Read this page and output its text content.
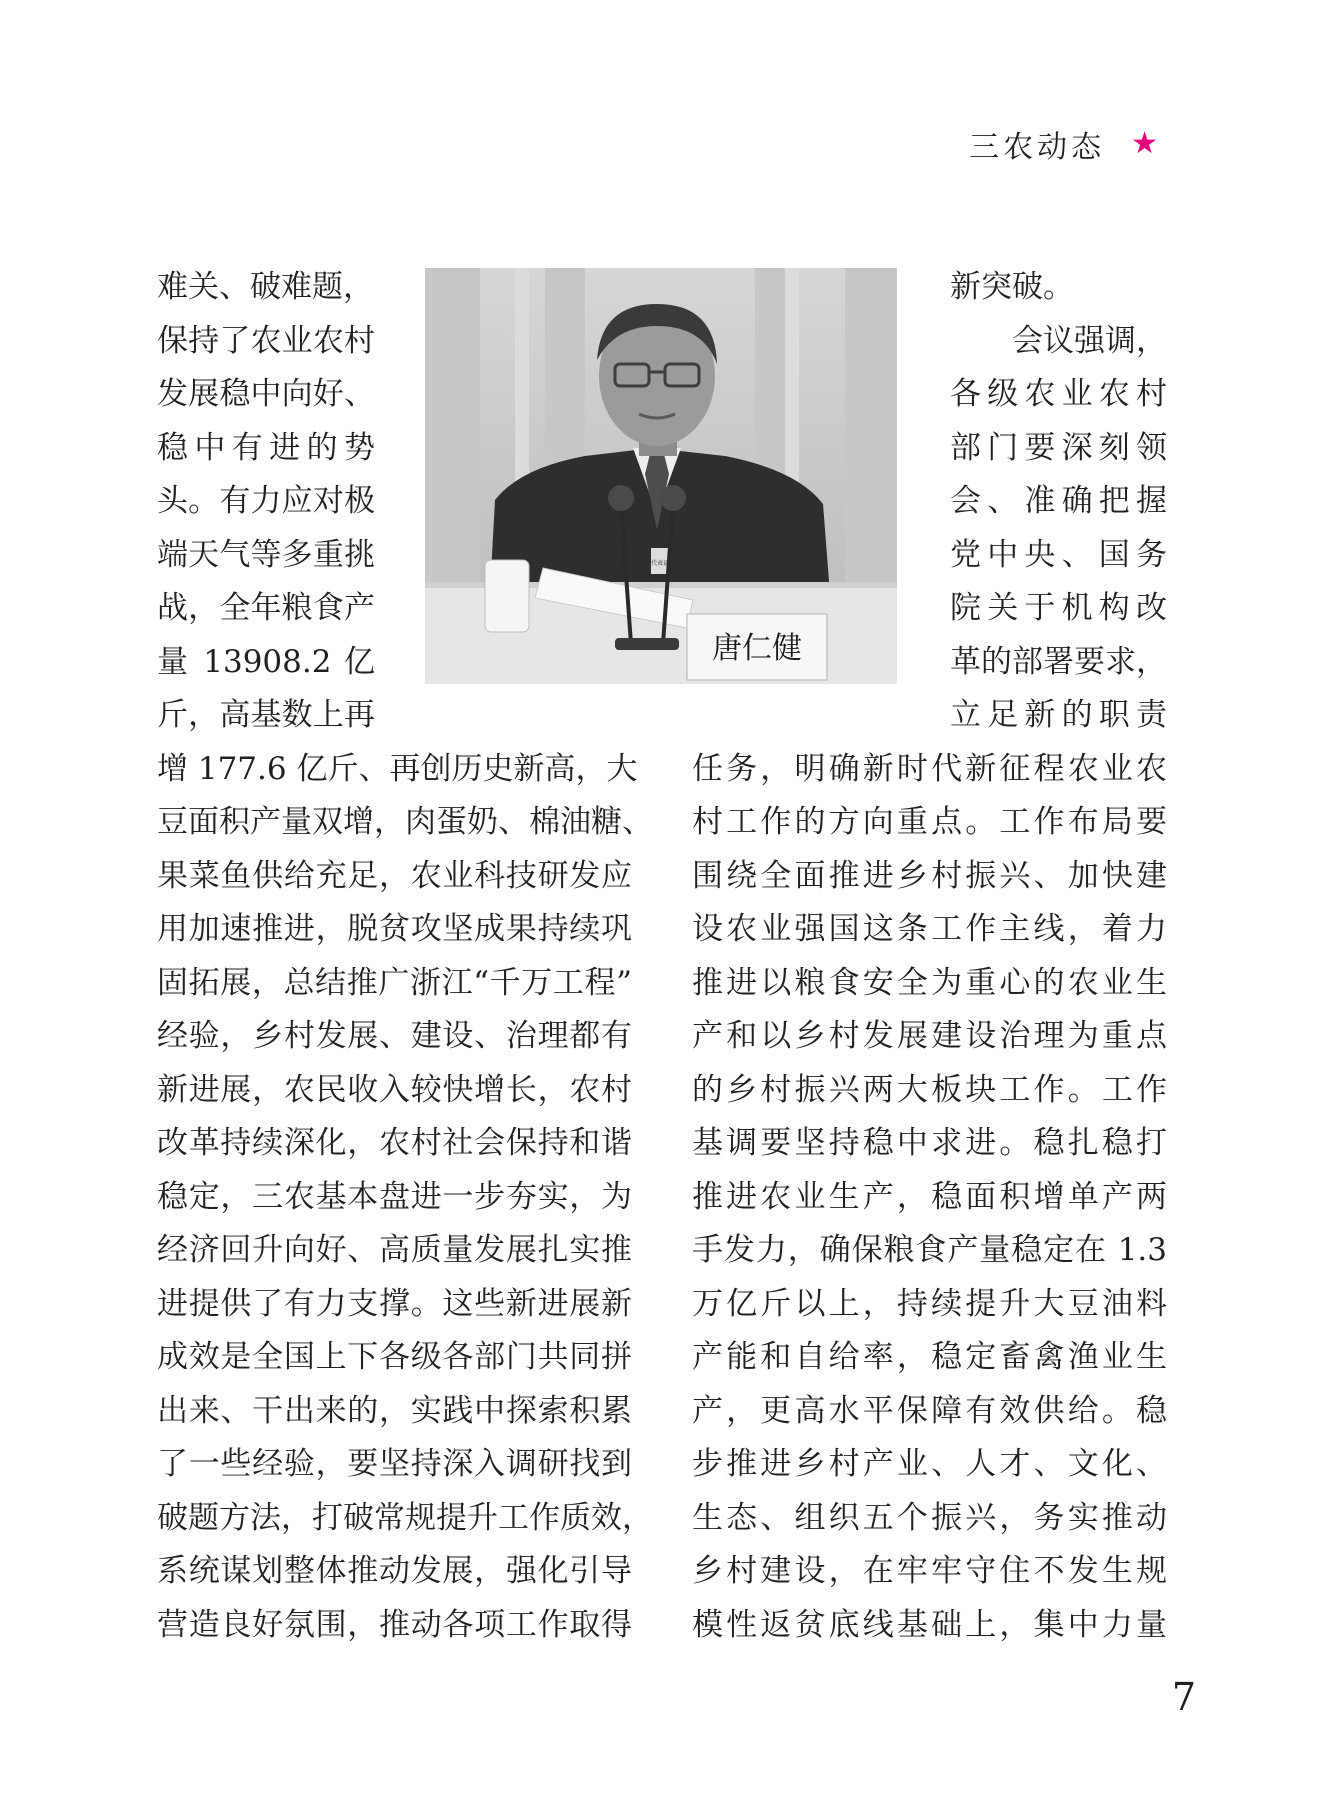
三农动态 ★
难关、破难题，
保持了农业农村
发展稳中向好、
稳中有进的势
头。有力应对极
端天气等多重挑
战，全年粮食产
量 13908.2 亿
斤，高基数上再
增 177.6 亿斤、再创历史新高，大
豆面积产量双增，肉蛋奶、棉油糖、
果菜鱼供给充足，农业科技研发应
用加速推进，脱贫攻坚成果持续巩
固拓展，总结推广浙江“千万工程”
经验，乡村发展、建设、治理都有
新进展，农民收入较快增长，农村
改革持续深化，农村社会保持和谐
稳定，三农基本盘进一步夯实，为
经济回升向好、高质量发展扎实推
进提供了有力支撑。这些新进展新
成效是全国上下各级各部门共同拼
出来、干出来的，实践中探索积累
了一些经验，要坚持深入调研找到
破题方法，打破常规提升工作质效，
系统谋划整体推动发展，强化引导
营造良好氛围，推动各项工作取得
新突破。
会议强调，
各级农业农村
部门要深刻领
会、准确把握
党中央、国务
院关于机构改
革的部署要求，
立足新的职责
任务，明确新时代新征程农业农
村工作的方向重点。工作布局要
围绕全面推进乡村振兴、加快建
设农业强国这条工作主线，着力
推进以粮食安全为重心的农业生
产和以乡村发展建设治理为重点
的乡村振兴两大板块工作。工作
基调要坚持稳中求进。稳扎稳打
推进农业生产，稳面积增单产两
手发力，确保粮食产量稳定在 1.3
万亿斤以上，持续提升大豆油料
产能和自给率，稳定畜禽渔业生
产，更高水平保障有效供给。稳
步推进乡村产业、人才、文化、
生态、组织五个振兴，务实推动
乡村建设，在牢牢守住不发生规
模性返贫底线基础上，集中力量
代表证
唐仁健
7
